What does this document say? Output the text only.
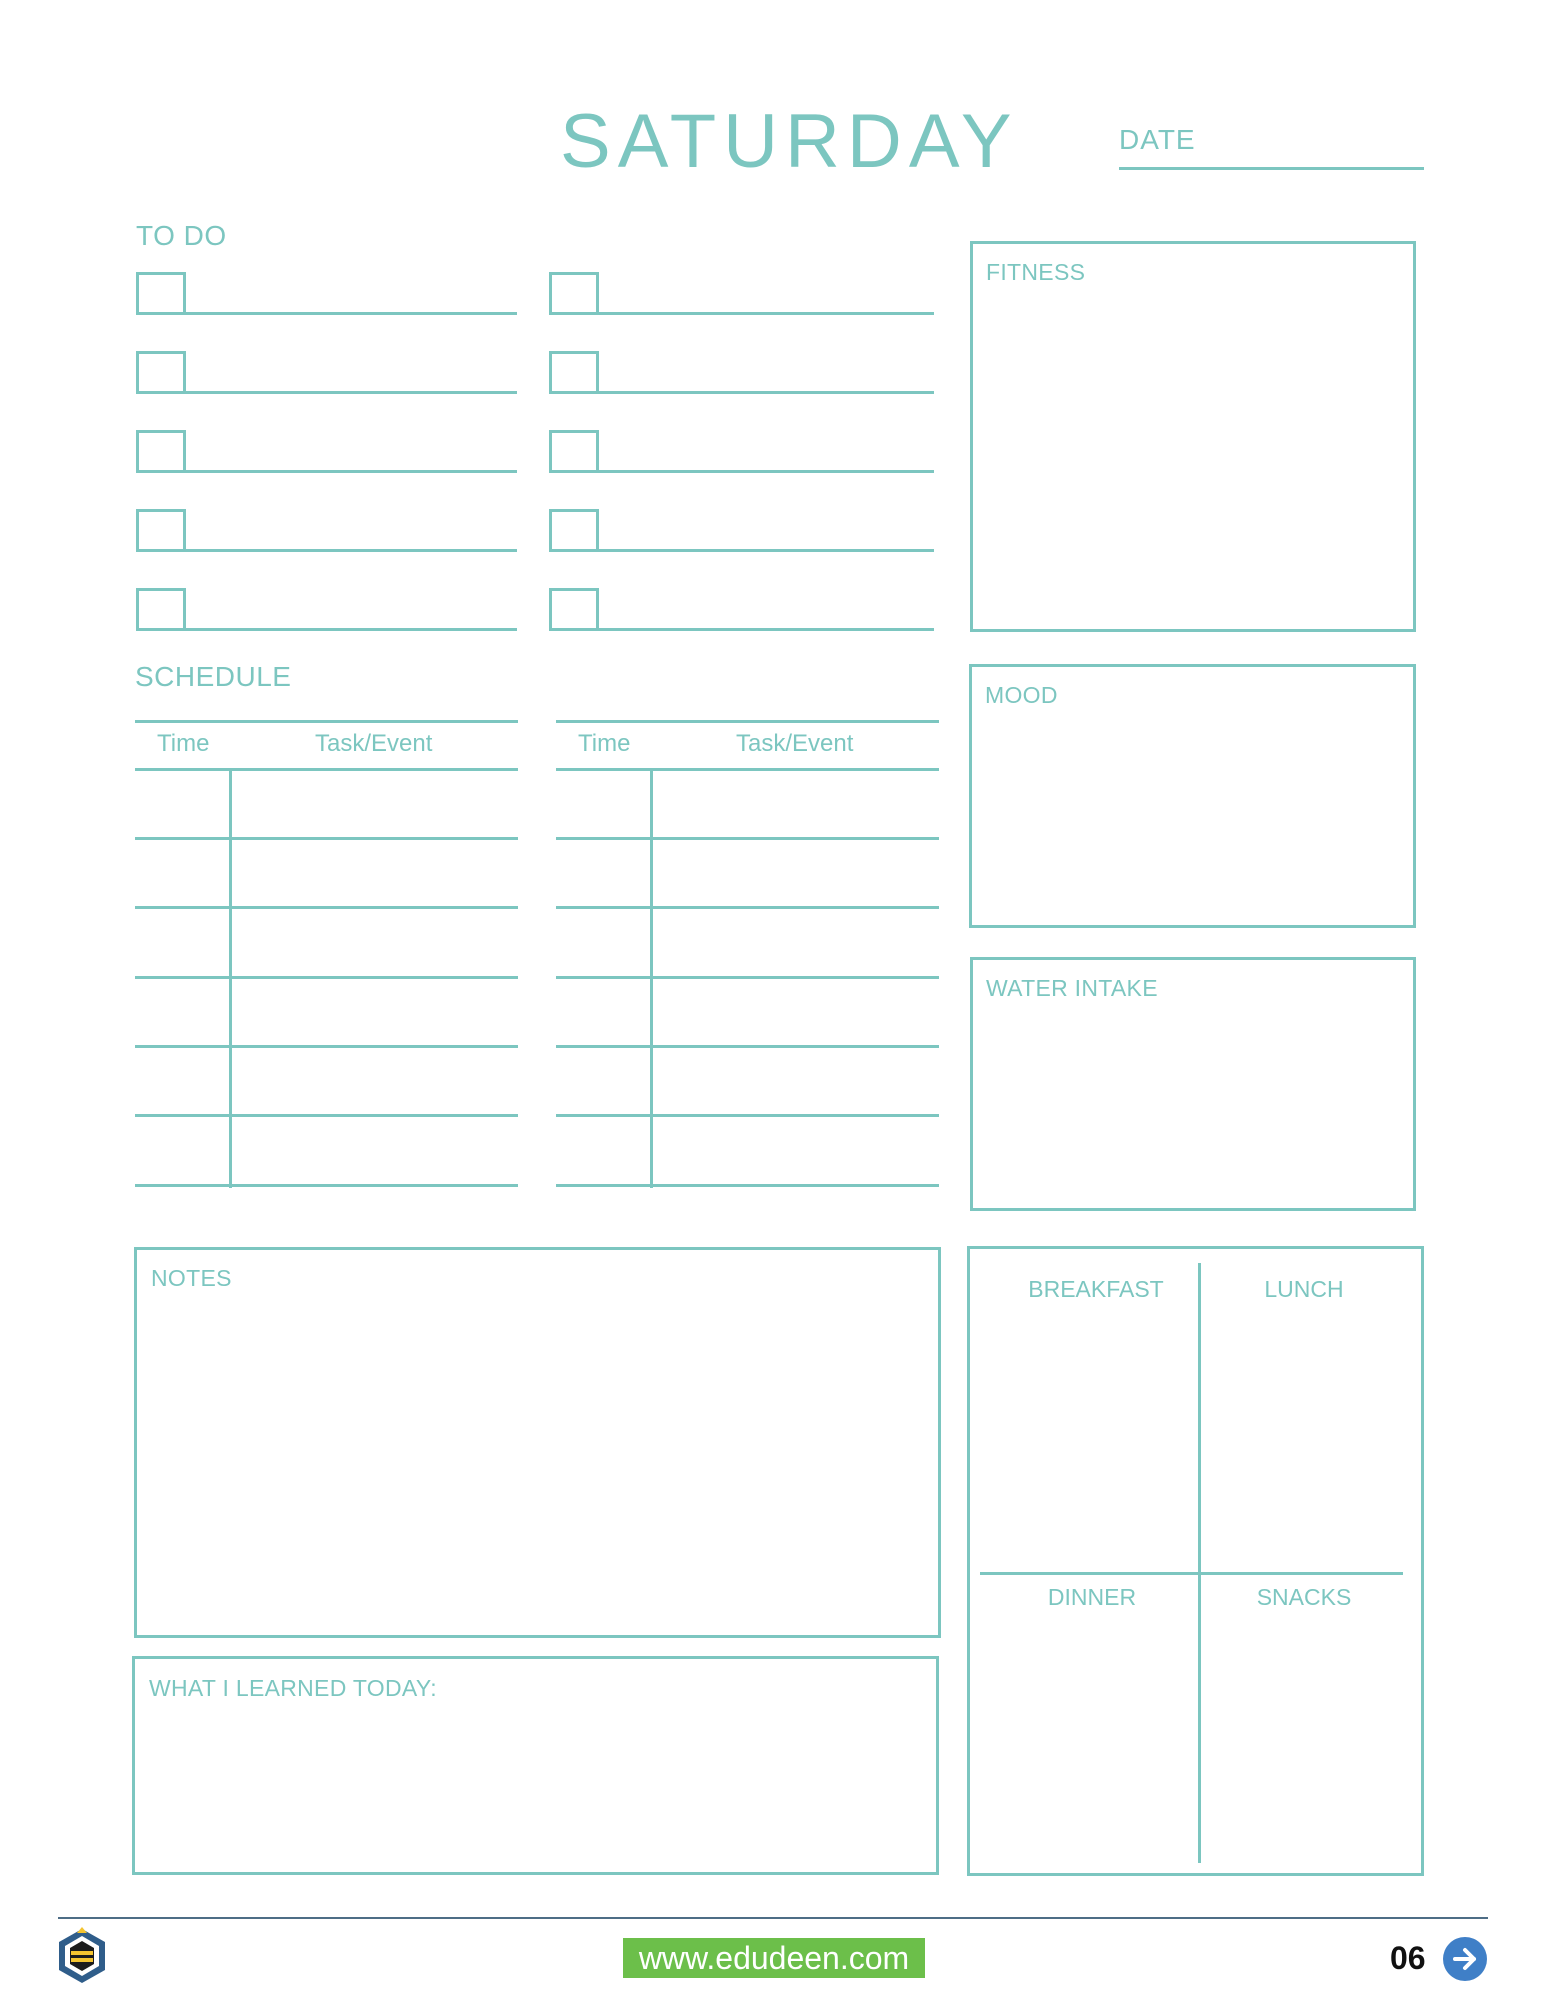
SATURDAY	DATE
TO DO
SCHEDULE
Time	Task/Event	Time	Task/Event
FITNESS
MOOD
WATER INTAKE
NOTES
WHAT I LEARNED TODAY:
BREAKFAST	LUNCH
DINNER	SNACKS
www.edudeen.com	06
